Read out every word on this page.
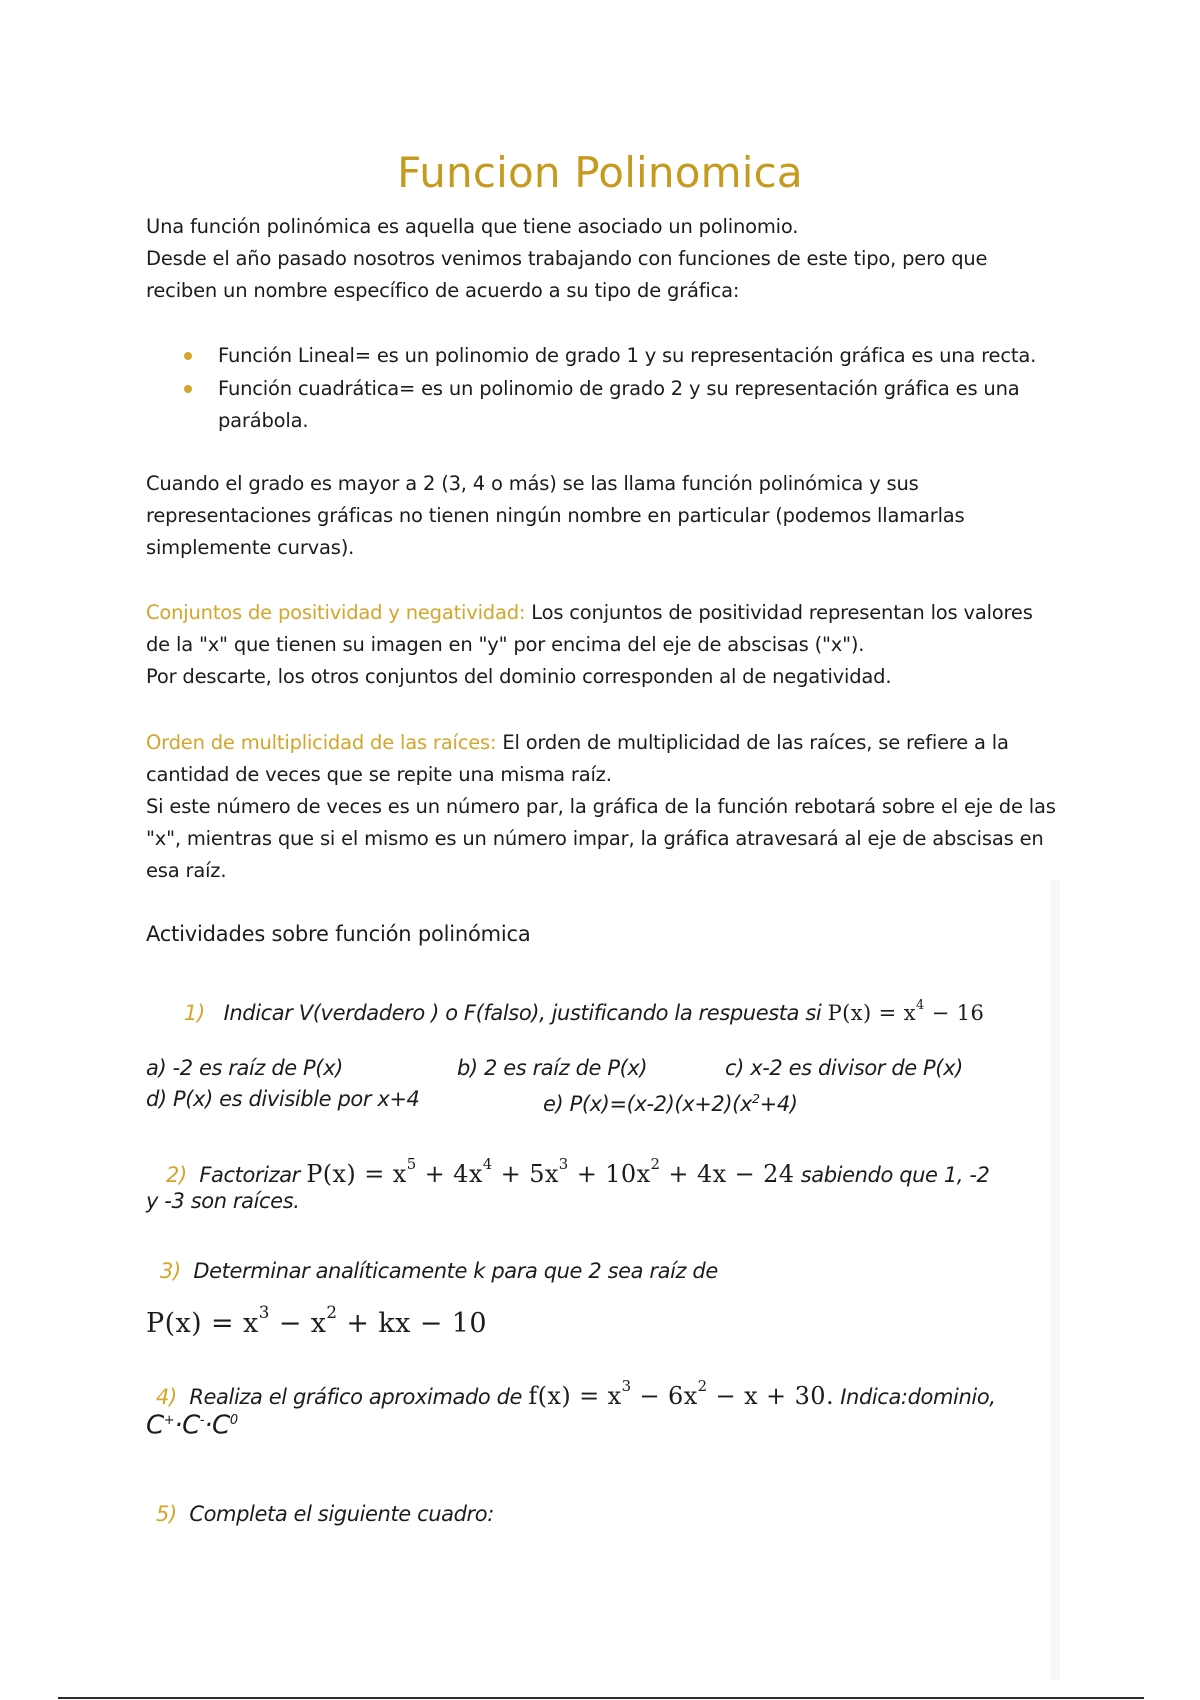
Funcion Polinomica
Una función polinómica es aquella que tiene asociado un polinomio.
Desde el año pasado nosotros venimos trabajando con funciones de este tipo, pero que
reciben un nombre específico de acuerdo a su tipo de gráfica:
Función Lineal= es un polinomio de grado 1 y su representación gráfica es una recta.
Función cuadrática= es un polinomio de grado 2 y su representación gráfica es una
parábola.
Cuando el grado es mayor a 2 (3, 4 o más) se las llama función polinómica y sus
representaciones gráficas no tienen ningún nombre en particular (podemos llamarlas
simplemente curvas).
Conjuntos de positividad y negatividad: Los conjuntos de positividad representan los valores
de la "x" que tienen su imagen en "y" por encima del eje de abscisas ("x").
Por descarte, los otros conjuntos del dominio corresponden al de negatividad.
Orden de multiplicidad de las raíces: El orden de multiplicidad de las raíces, se refiere a la
cantidad de veces que se repite una misma raíz.
Si este número de veces es un número par, la gráfica de la función rebotará sobre el eje de las
"x", mientras que si el mismo es un número impar, la gráfica atravesará al eje de abscisas en
esa raíz.
Actividades sobre función polinómica
1) Indicar V(verdadero ) o F(falso), justificando la respuesta si $P(x) = x^4 - 16$
a) -2 es raíz de P(x)	b) 2 es raíz de P(x)	c) x-2 es divisor de P(x)
d) P(x) es divisible por x+4	e) $P(x)=(x-2)(x+2)(x^2+4)$
2) Factorizar $P(x) = x^5 + 4x^4 + 5x^3 + 10x^2 + 4x - 24$ sabiendo que 1, -2
y -3 son raíces.
3) Determinar analíticamente k para que 2 sea raíz de
$P(x) = x^3 - x^2$ + kx − 10
4) Realiza el gráfico aproximado de $f(x) = x^3 - 6x^2 - x + 30$. Indica:dominio,
$C^+\cdot C^-\cdot C^0$
5) Completa el siguiente cuadro:
